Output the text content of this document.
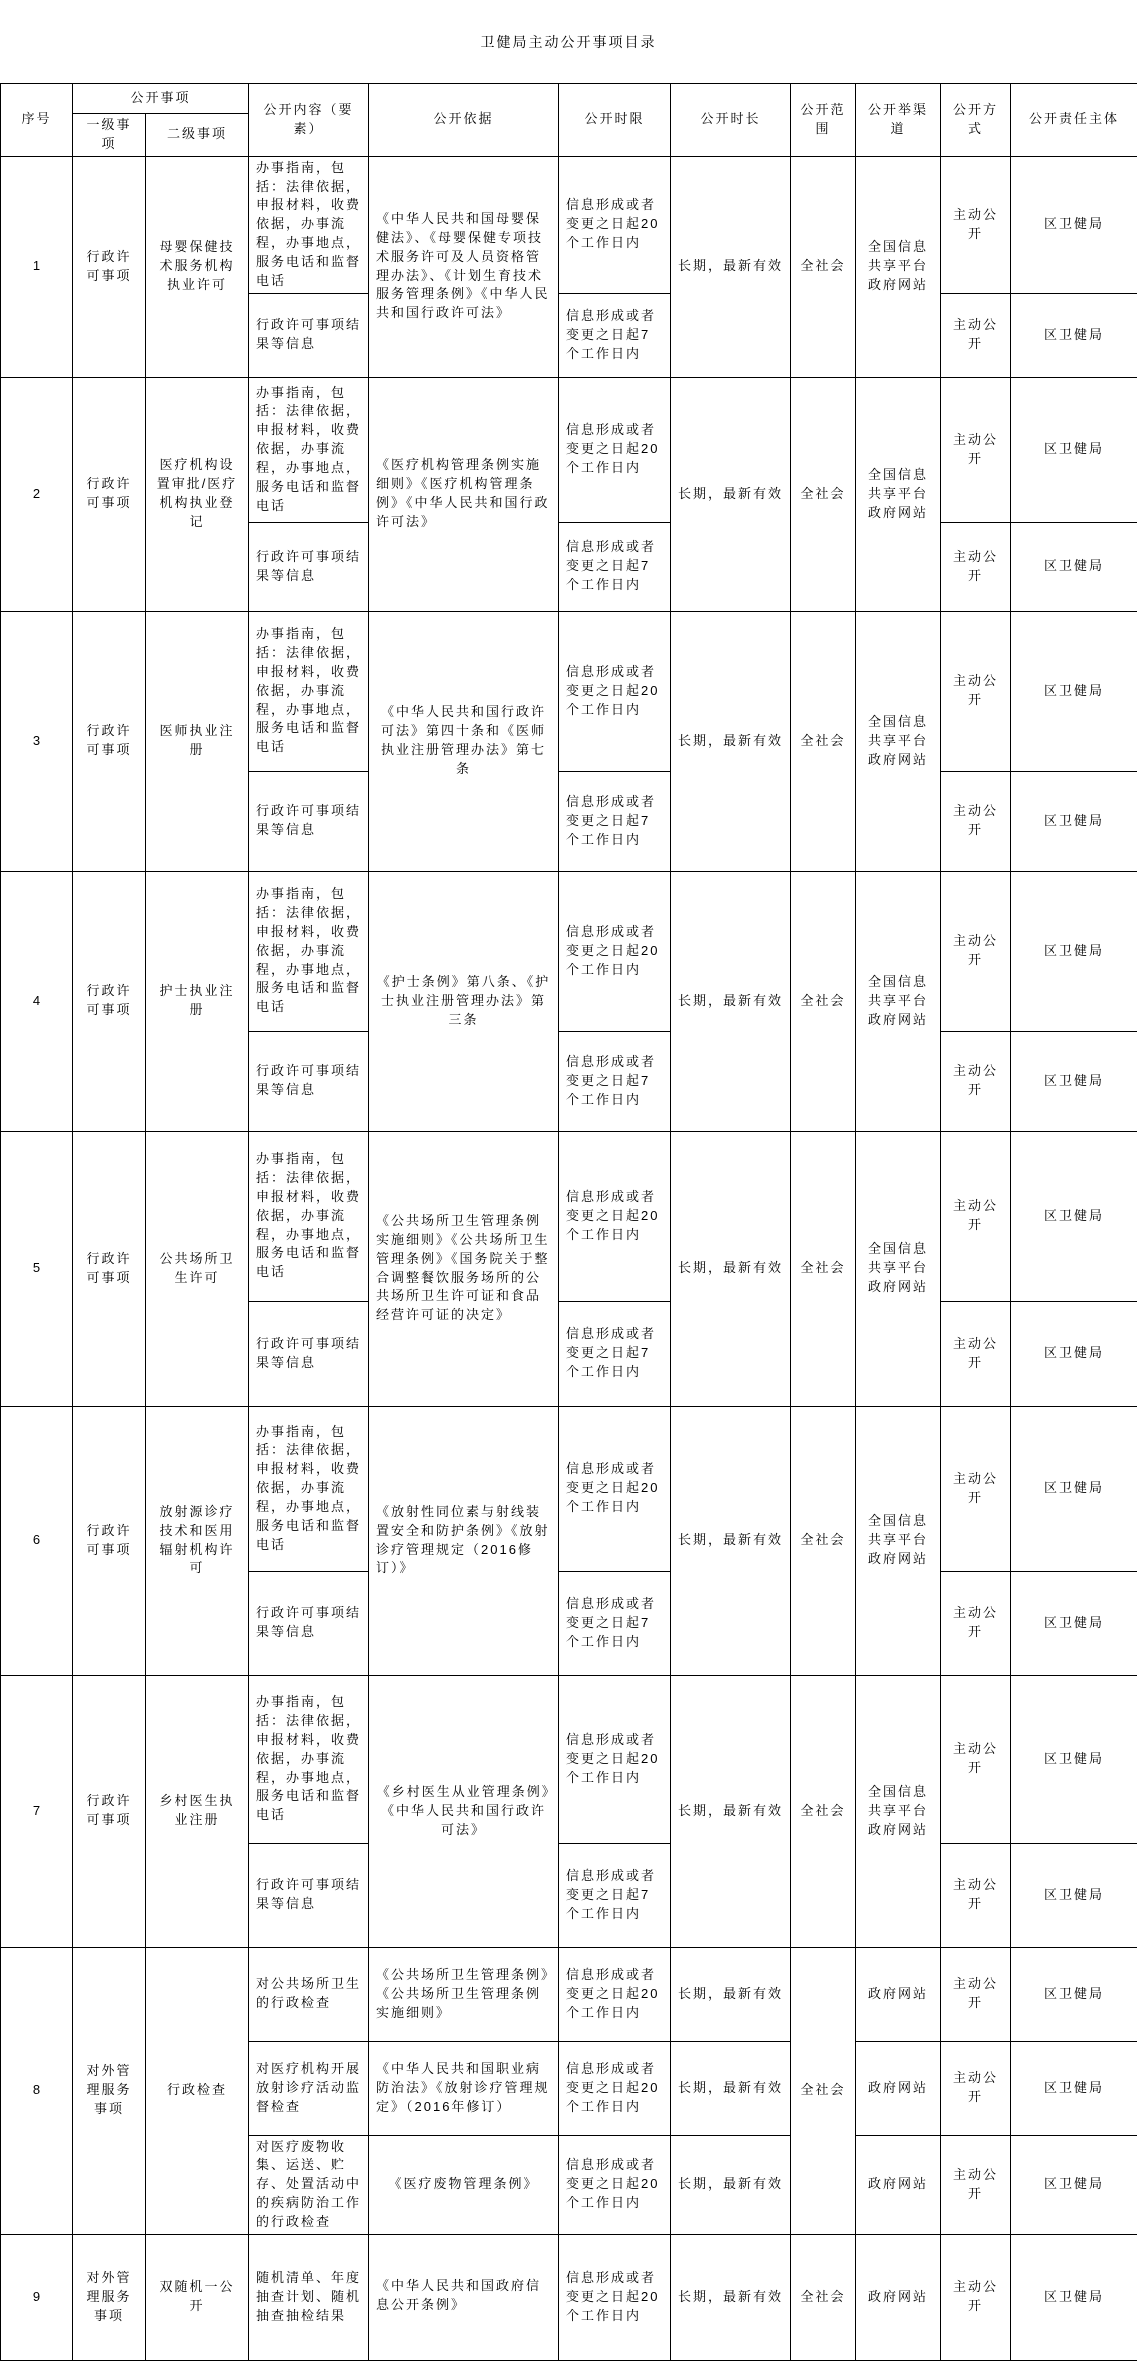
卫健局主动公开事项目录
序号	公开事项		公开内容（要素）	公开依据	公开时限	公开时长	公开范围	公开举渠道	公开方式	公开责任主体
	一级事项	二级事项								
1	行政许可事项	母婴保健技术服务机构执业许可	办事指南，包括：法律依据，申报材料，收费依据，办事流程，办事地点，服务电话和监督电话	《中华人民共和国母婴保健法》、《母婴保健专项技术服务许可及人员资格管理办法》、《计划生育技术服务管理条例》《中华人民共和国行政许可法》	信息形成或者变更之日起20个工作日内	长期，最新有效	全社会	全国信息共享平台 政府网站	主动公开	区卫健局
			行政许可事项结果等信息		信息形成或者变更之日起7个工作日内				主动公开	区卫健局
2	行政许可事项	医疗机构设置审批/医疗机构执业登记	办事指南，包括：法律依据，申报材料，收费依据，办事流程，办事地点，服务电话和监督电话	《医疗机构管理条例实施细则》《医疗机构管理条例》《中华人民共和国行政许可法》	信息形成或者变更之日起20个工作日内	长期，最新有效	全社会	全国信息共享平台 政府网站	主动公开	区卫健局
			行政许可事项结果等信息		信息形成或者变更之日起7个工作日内				主动公开	区卫健局
3	行政许可事项	医师执业注册	办事指南，包括：法律依据，申报材料，收费依据，办事流程，办事地点，服务电话和监督电话	《中华人民共和国行政许可法》第四十条和《医师执业注册管理办法》第七条	信息形成或者变更之日起20个工作日内	长期，最新有效	全社会	全国信息共享平台 政府网站	主动公开	区卫健局
			行政许可事项结果等信息		信息形成或者变更之日起7个工作日内				主动公开	区卫健局
4	行政许可事项	护士执业注册	办事指南，包括：法律依据，申报材料，收费依据，办事流程，办事地点，服务电话和监督电话	《护士条例》第八条、《护士执业注册管理办法》第三条	信息形成或者变更之日起20个工作日内	长期，最新有效	全社会	全国信息共享平台 政府网站	主动公开	区卫健局
			行政许可事项结果等信息		信息形成或者变更之日起7个工作日内				主动公开	区卫健局
5	行政许可事项	公共场所卫生许可	办事指南，包括：法律依据，申报材料，收费依据，办事流程，办事地点，服务电话和监督电话	《公共场所卫生管理条例实施细则》《公共场所卫生管理条例》《国务院关于整合调整餐饮服务场所的公共场所卫生许可证和食品经营许可证的决定》	信息形成或者变更之日起20个工作日内	长期，最新有效	全社会	全国信息共享平台 政府网站	主动公开	区卫健局
			行政许可事项结果等信息		信息形成或者变更之日起7个工作日内				主动公开	区卫健局
6	行政许可事项	放射源诊疗技术和医用辐射机构许可	办事指南，包括：法律依据，申报材料，收费依据，办事流程，办事地点，服务电话和监督电话	《放射性同位素与射线装置安全和防护条例》《放射诊疗管理规定（2016修订）》	信息形成或者变更之日起20个工作日内	长期，最新有效	全社会	全国信息共享平台 政府网站	主动公开	区卫健局
			行政许可事项结果等信息		信息形成或者变更之日起7个工作日内				主动公开	区卫健局
7	行政许可事项	乡村医生执业注册	办事指南，包括：法律依据，申报材料，收费依据，办事流程，办事地点，服务电话和监督电话	《乡村医生从业管理条例》《中华人民共和国行政许可法》	信息形成或者变更之日起20个工作日内	长期，最新有效	全社会	全国信息共享平台 政府网站	主动公开	区卫健局
			行政许可事项结果等信息		信息形成或者变更之日起7个工作日内				主动公开	区卫健局
8	对外管理服务事项	行政检查	对公共场所卫生的行政检查	《公共场所卫生管理条例》《公共场所卫生管理条例实施细则》	信息形成或者变更之日起20个工作日内	长期，最新有效	全社会	政府网站	主动公开	区卫健局
			对医疗机构开展放射诊疗活动监督检查	《中华人民共和国职业病防治法》《放射诊疗管理规定》（2016年修订）	信息形成或者变更之日起20个工作日内	长期，最新有效		政府网站	主动公开	区卫健局
			对医疗废物收集、运送、贮存、处置活动中的疾病防治工作的行政检查	《医疗废物管理条例》	信息形成或者变更之日起20个工作日内	长期，最新有效		政府网站	主动公开	区卫健局
9	对外管理服务事项	双随机一公开	随机清单、年度抽查计划、随机抽查抽检结果	《中华人民共和国政府信息公开条例》	信息形成或者变更之日起20个工作日内	长期，最新有效	全社会	政府网站	主动公开	区卫健局
